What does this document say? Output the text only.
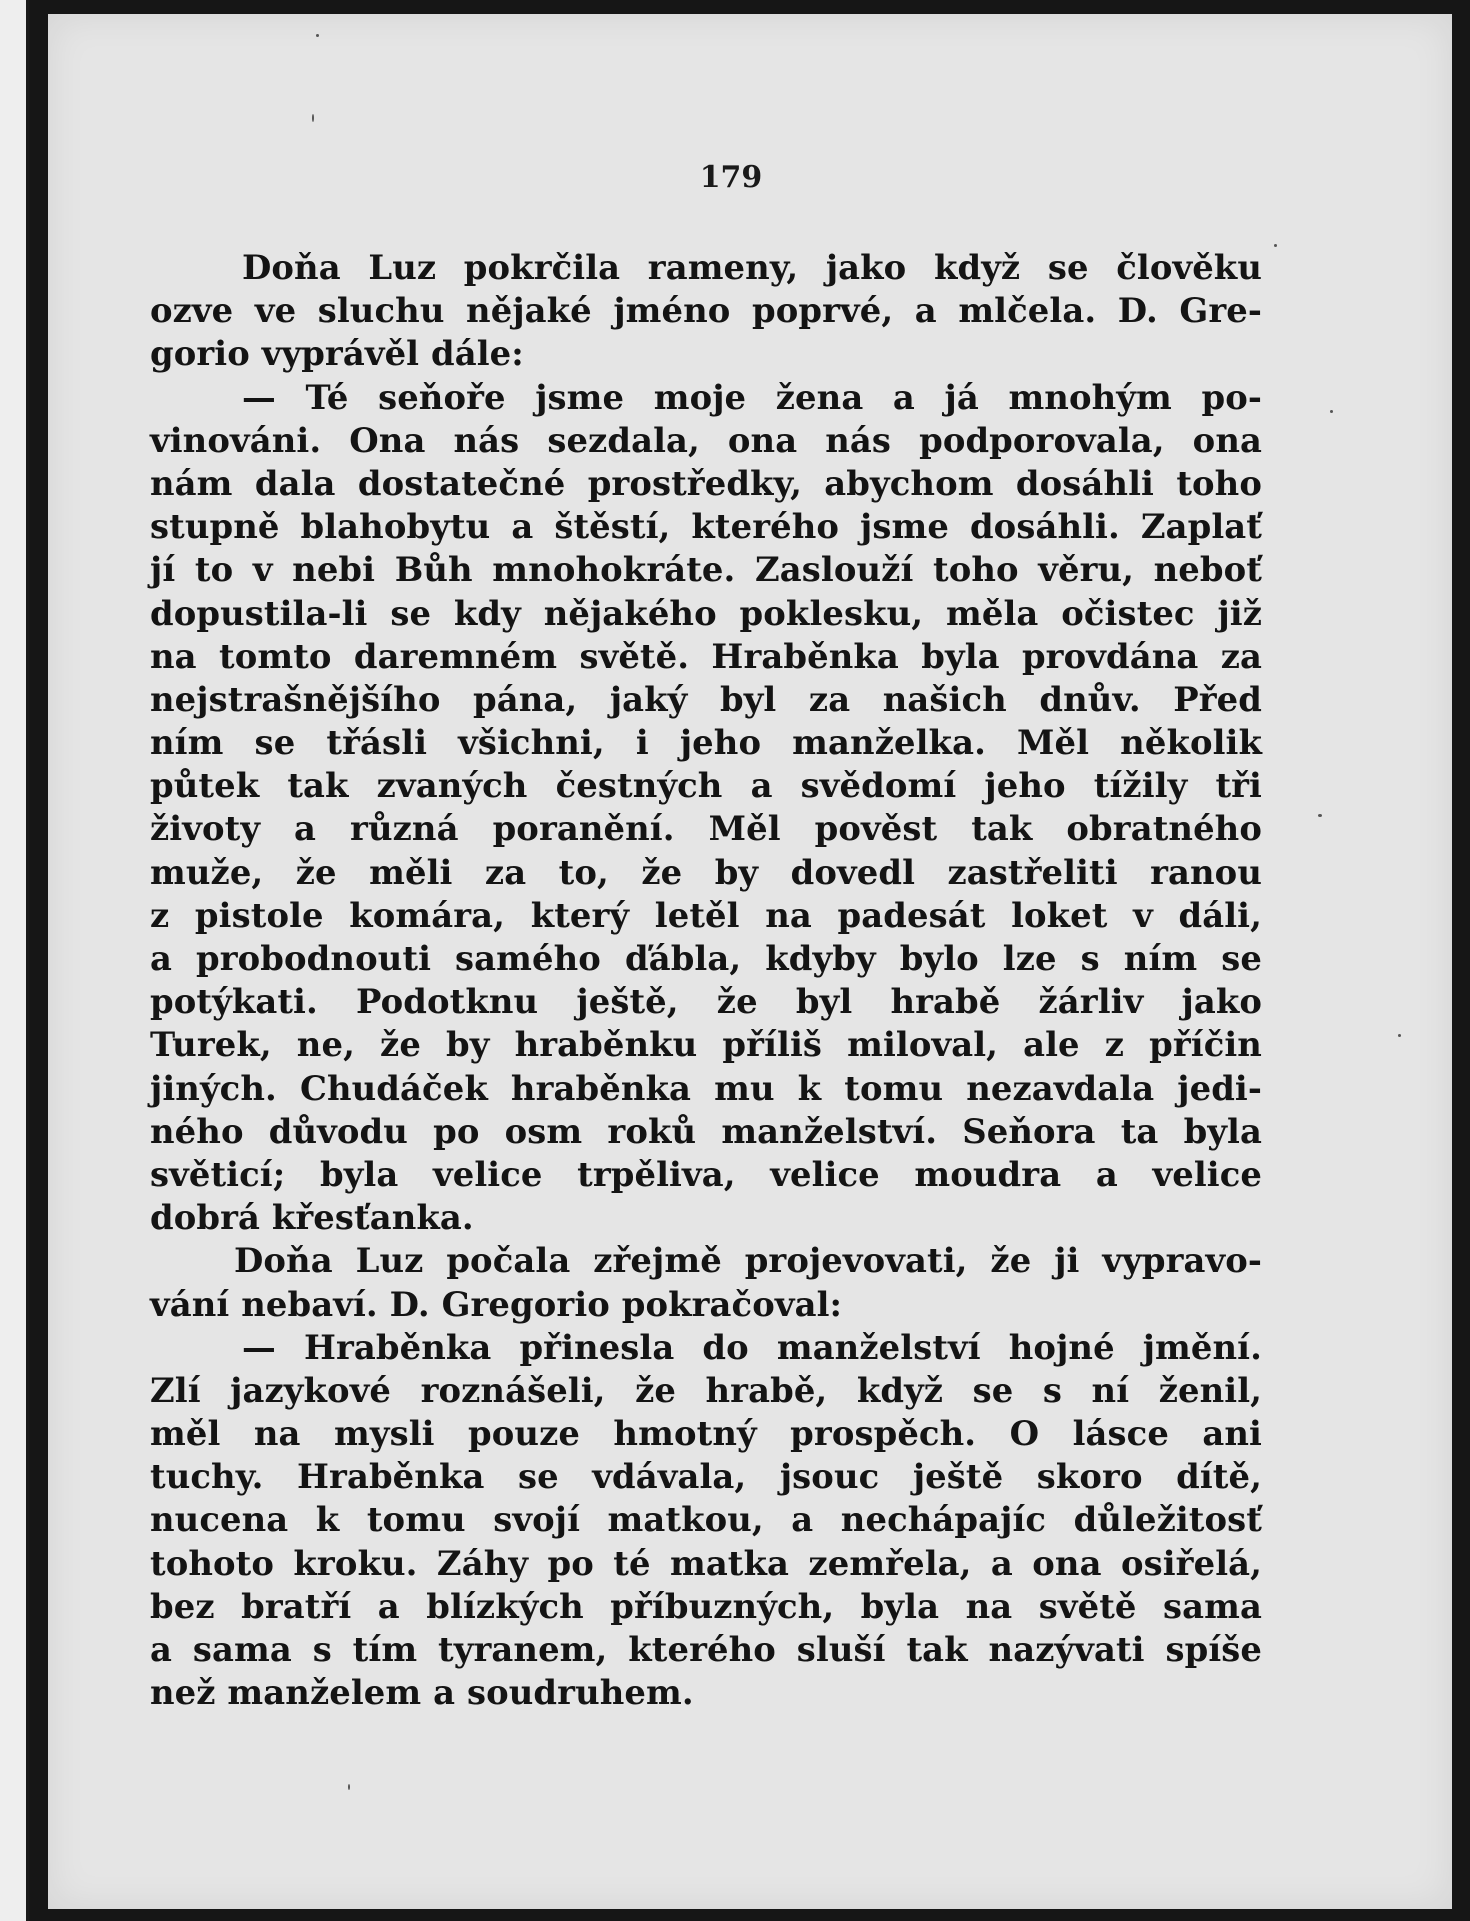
179
Doňa Luz pokrčila rameny, jako když se člověku
ozve ve sluchu nějaké jméno poprvé, a mlčela. D. Gre-
gorio vyprávěl dále:
— Té seňoře jsme moje žena a já mnohým po-
vinováni. Ona nás sezdala, ona nás podporovala, ona
nám dala dostatečné prostředky, abychom dosáhli toho
stupně blahobytu a štěstí, kterého jsme dosáhli. Zaplať
jí to v nebi Bůh mnohokráte. Zaslouží toho věru, neboť
dopustila-li se kdy nějakého poklesku, měla očistec již
na tomto daremném světě. Hraběnka byla provdána za
nejstrašnějšího pána, jaký byl za našich dnův. Před
ním se třásli všichni, i jeho manželka. Měl několik
půtek tak zvaných čestných a svědomí jeho tížily tři
životy a různá poranění. Měl pověst tak obratného
muže, že měli za to, že by dovedl zastřeliti ranou
z pistole komára, který letěl na padesát loket v dáli,
a probodnouti samého ďábla, kdyby bylo lze s ním se
potýkati. Podotknu ještě, že byl hrabě žárliv jako
Turek, ne, že by hraběnku příliš miloval, ale z příčin
jiných. Chudáček hraběnka mu k tomu nezavdala jedi-
ného důvodu po osm roků manželství. Seňora ta byla
světicí; byla velice trpěliva, velice moudra a velice
dobrá křesťanka.
Doňa Luz počala zřejmě projevovati, že ji vypravo-
vání nebaví. D. Gregorio pokračoval:
— Hraběnka přinesla do manželství hojné jmění.
Zlí jazykové roznášeli, že hrabě, když se s ní ženil,
měl na mysli pouze hmotný prospěch. O lásce ani
tuchy. Hraběnka se vdávala, jsouc ještě skoro dítě,
nucena k tomu svojí matkou, a nechápajíc důležitosť
tohoto kroku. Záhy po té matka zemřela, a ona osiřelá,
bez bratří a blízkých příbuzných, byla na světě sama
a sama s tím tyranem, kterého sluší tak nazývati spíše
než manželem a soudruhem.
